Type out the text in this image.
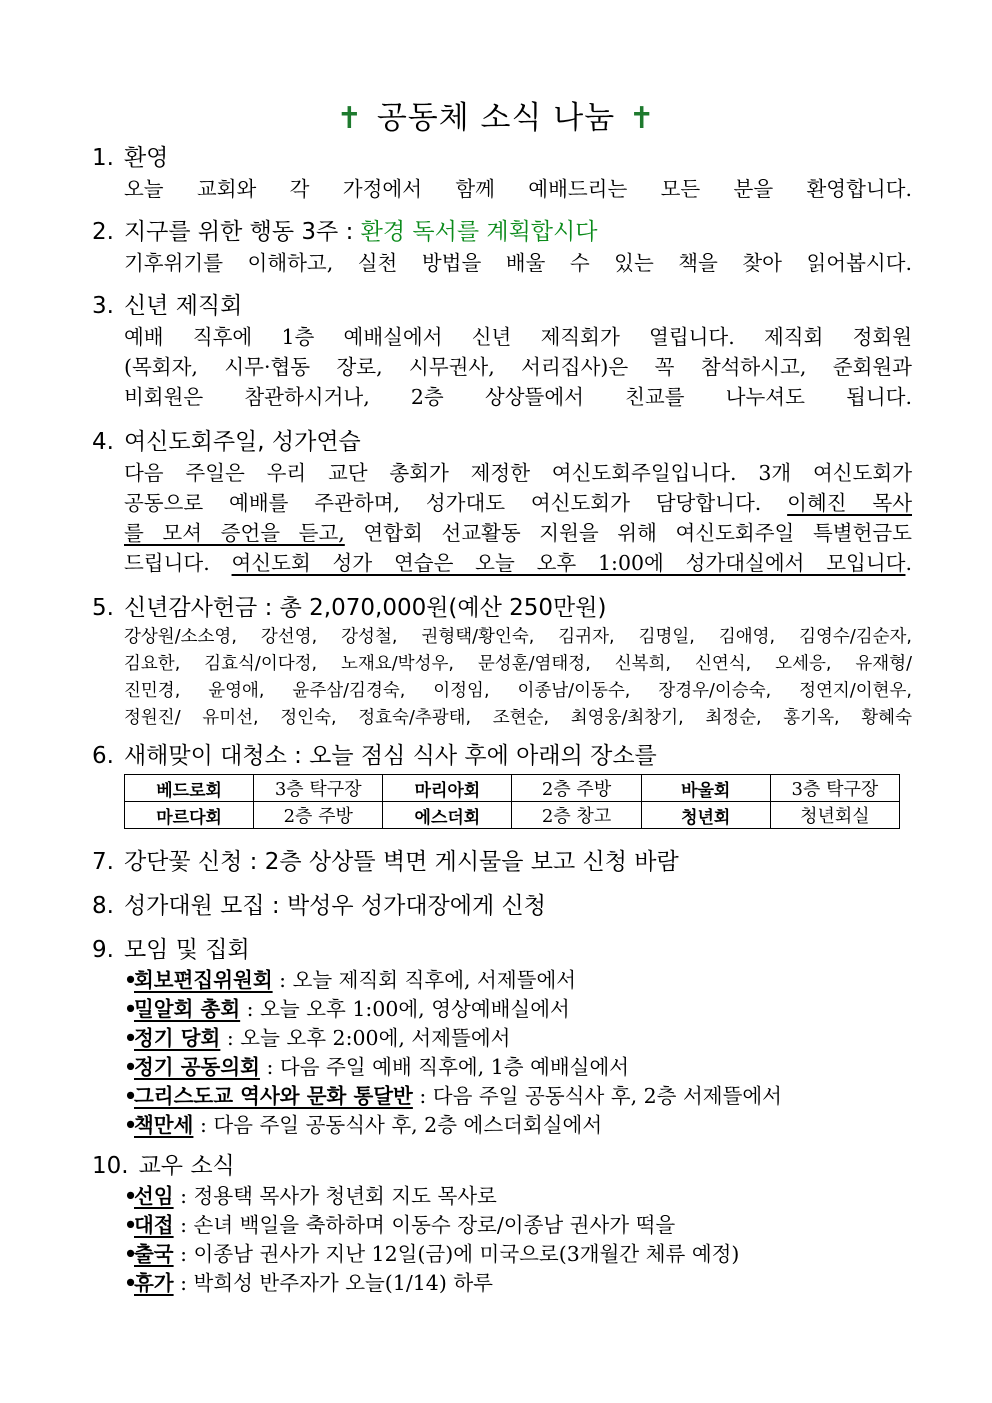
✝ 공동체 소식 나눔 ✝
1. 환영
오늘 교회와 각 가정에서 함께 예배드리는 모든 분을 환영합니다.
2. 지구를 위한 행동 3주 : 환경 독서를 계획합시다
기후위기를 이해하고, 실천 방법을 배울 수 있는 책을 찾아 읽어봅시다.
3. 신년 제직회
예배 직후에 1층 예배실에서 신년 제직회가 열립니다. 제직회 정회원
(목회자, 시무·협동 장로, 시무권사, 서리집사)은 꼭 참석하시고, 준회원과
비회원은 참관하시거나, 2층 상상뜰에서 친교를 나누셔도 됩니다.
4. 여신도회주일, 성가연습
다음 주일은 우리 교단 총회가 제정한 여신도회주일입니다. 3개 여신도회가
공동으로 예배를 주관하며, 성가대도 여신도회가 담당합니다. 이혜진 목사
를 모셔 증언을 듣고, 연합회 선교활동 지원을 위해 여신도회주일 특별헌금도
드립니다. 여신도회 성가 연습은 오늘 오후 1:00에 성가대실에서 모입니다.
5. 신년감사헌금 : 총 2,070,000원(예산 250만원)
강상원/소소영, 강선영, 강성철, 권형택/황인숙, 김귀자, 김명일, 김애영, 김영수/김순자,
김요한, 김효식/이다정, 노재요/박성우, 문성훈/염태정, 신복희, 신연식, 오세응, 유재형/
진민경, 윤영애, 윤주삼/김경숙, 이정임, 이종남/이동수, 장경우/이승숙, 정연지/이현우,
정원진/ 유미선, 정인숙, 정효숙/추광태, 조현순, 최영웅/최창기, 최정순, 홍기옥, 황혜숙
6. 새해맞이 대청소 : 오늘 점심 식사 후에 아래의 장소를
베드로회	3층 탁구장	마리아회	2층 주방	바울회	3층 탁구장
마르다회	2층 주방	에스더회	2층 창고	청년회	청년회실
7. 강단꽃 신청 : 2층 상상뜰 벽면 게시물을 보고 신청 바람
8. 성가대원 모집 : 박성우 성가대장에게 신청
9. 모임 및 집회
•회보편집위원회 : 오늘 제직회 직후에, 서제뜰에서
•밀알회 총회 : 오늘 오후 1:00에, 영상예배실에서
•정기 당회 : 오늘 오후 2:00에, 서제뜰에서
•정기 공동의회 : 다음 주일 예배 직후에, 1층 예배실에서
•그리스도교 역사와 문화 통달반 : 다음 주일 공동식사 후, 2층 서제뜰에서
•책만세 : 다음 주일 공동식사 후, 2층 에스더회실에서
10. 교우 소식
•선임 : 정용택 목사가 청년회 지도 목사로
•대접 : 손녀 백일을 축하하며 이동수 장로/이종남 권사가 떡을
•출국 : 이종남 권사가 지난 12일(금)에 미국으로(3개월간 체류 예정)
•휴가 : 박희성 반주자가 오늘(1/14) 하루
